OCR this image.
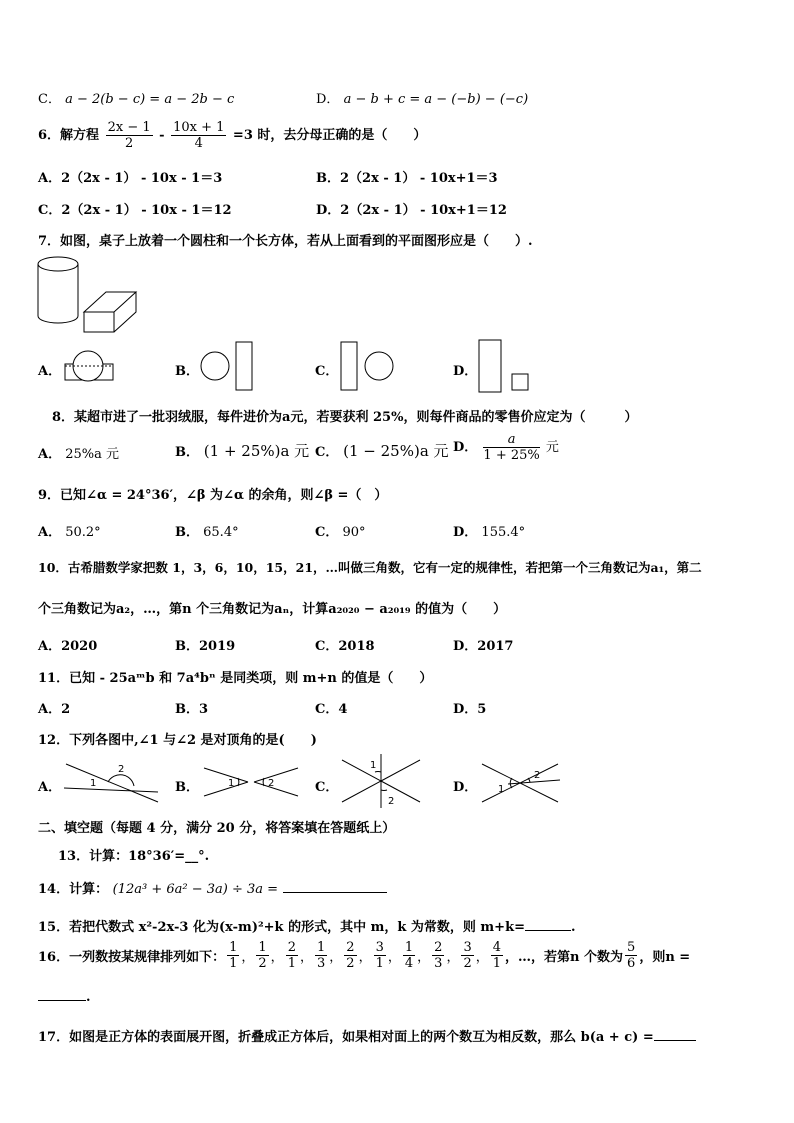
C． a − 2(b − c) = a − 2b − c	D． a − b + c = a − (−b) − (−c)
6．解方程 $\frac{2x - 1}{2} - \frac{10x + 1}{4} =3$ 时，去分母正确的是（　　）
A．2（2x - 1） - 10x - 1＝3	B．2（2x - 1） - 10x+1＝3
C．2（2x - 1） - 10x - 1＝12	D．2（2x - 1） - 10x+1＝12
7．如图，桌子上放着一个圆柱和一个长方体，若从上面看到的平面图形应是（　　）.
A．	B．	C．	D．
8．某超市进了一批羽绒服，每件进价为a元，若要获利 25%，则每件商品的零售价应定为（　　　）
A． 25%a 元	B． (1 + 25%)a 元 C． (1 − 25%)a 元 D． $\frac{a}{1 + 25\%}$ 元
9．已知∠α = 24°36′，∠β 为∠α 的余角，则∠β =（　）
A． 50.2°	B． 65.4°	C． 90°	D． 155.4°
10．古希腊数学家把数 1，3，6，10，15，21，…叫做三角数，它有一定的规律性，若把第一个三角数记为a₁，第二
个三角数记为a₂，…，第n 个三角数记为aₙ，计算a₂₀₂₀ − a₂₀₁₉ 的值为（　　）
A．2020	B．2019	C．2018	D．2017
11．已知 - 25aᵐb 和 7a⁴bⁿ 是同类项，则 m+n 的值是（　　）
A．2	B．3	C．4	D．5
12．下列各图中,∠1 与∠2 是对顶角的是(　　)
A．	1
2
B．	1	2	C．
1
2
D． 1
2
二、填空题（每题 4 分，满分 20 分，将答案填在答题纸上）
13．计算：18°36′=__°.
14．计算： (12a³ + 6a² − 3a) ÷ 3a =
15．若把代数式 x²-2x-3 化为(x-m)²+k 的形式，其中 m，k 为常数，则 m+k=	.
16．一列数按某规律排列如下： $\frac{1}{1}$ ， $\frac{1}{2}$ ， $\frac{2}{1}$ ， $\frac{1}{3}$ ， $\frac{2}{2}$ ， $\frac{3}{1}$ ， $\frac{1}{4}$ ， $\frac{2}{3}$ ， $\frac{3}{2}$ ， $\frac{4}{1}$ ，…，若第n 个数为 $\frac{5}{6}$ ，则n =
.
17．如图是正方体的表面展开图，折叠成正方体后，如果相对面上的两个数互为相反数，那么 b(a + c) =
